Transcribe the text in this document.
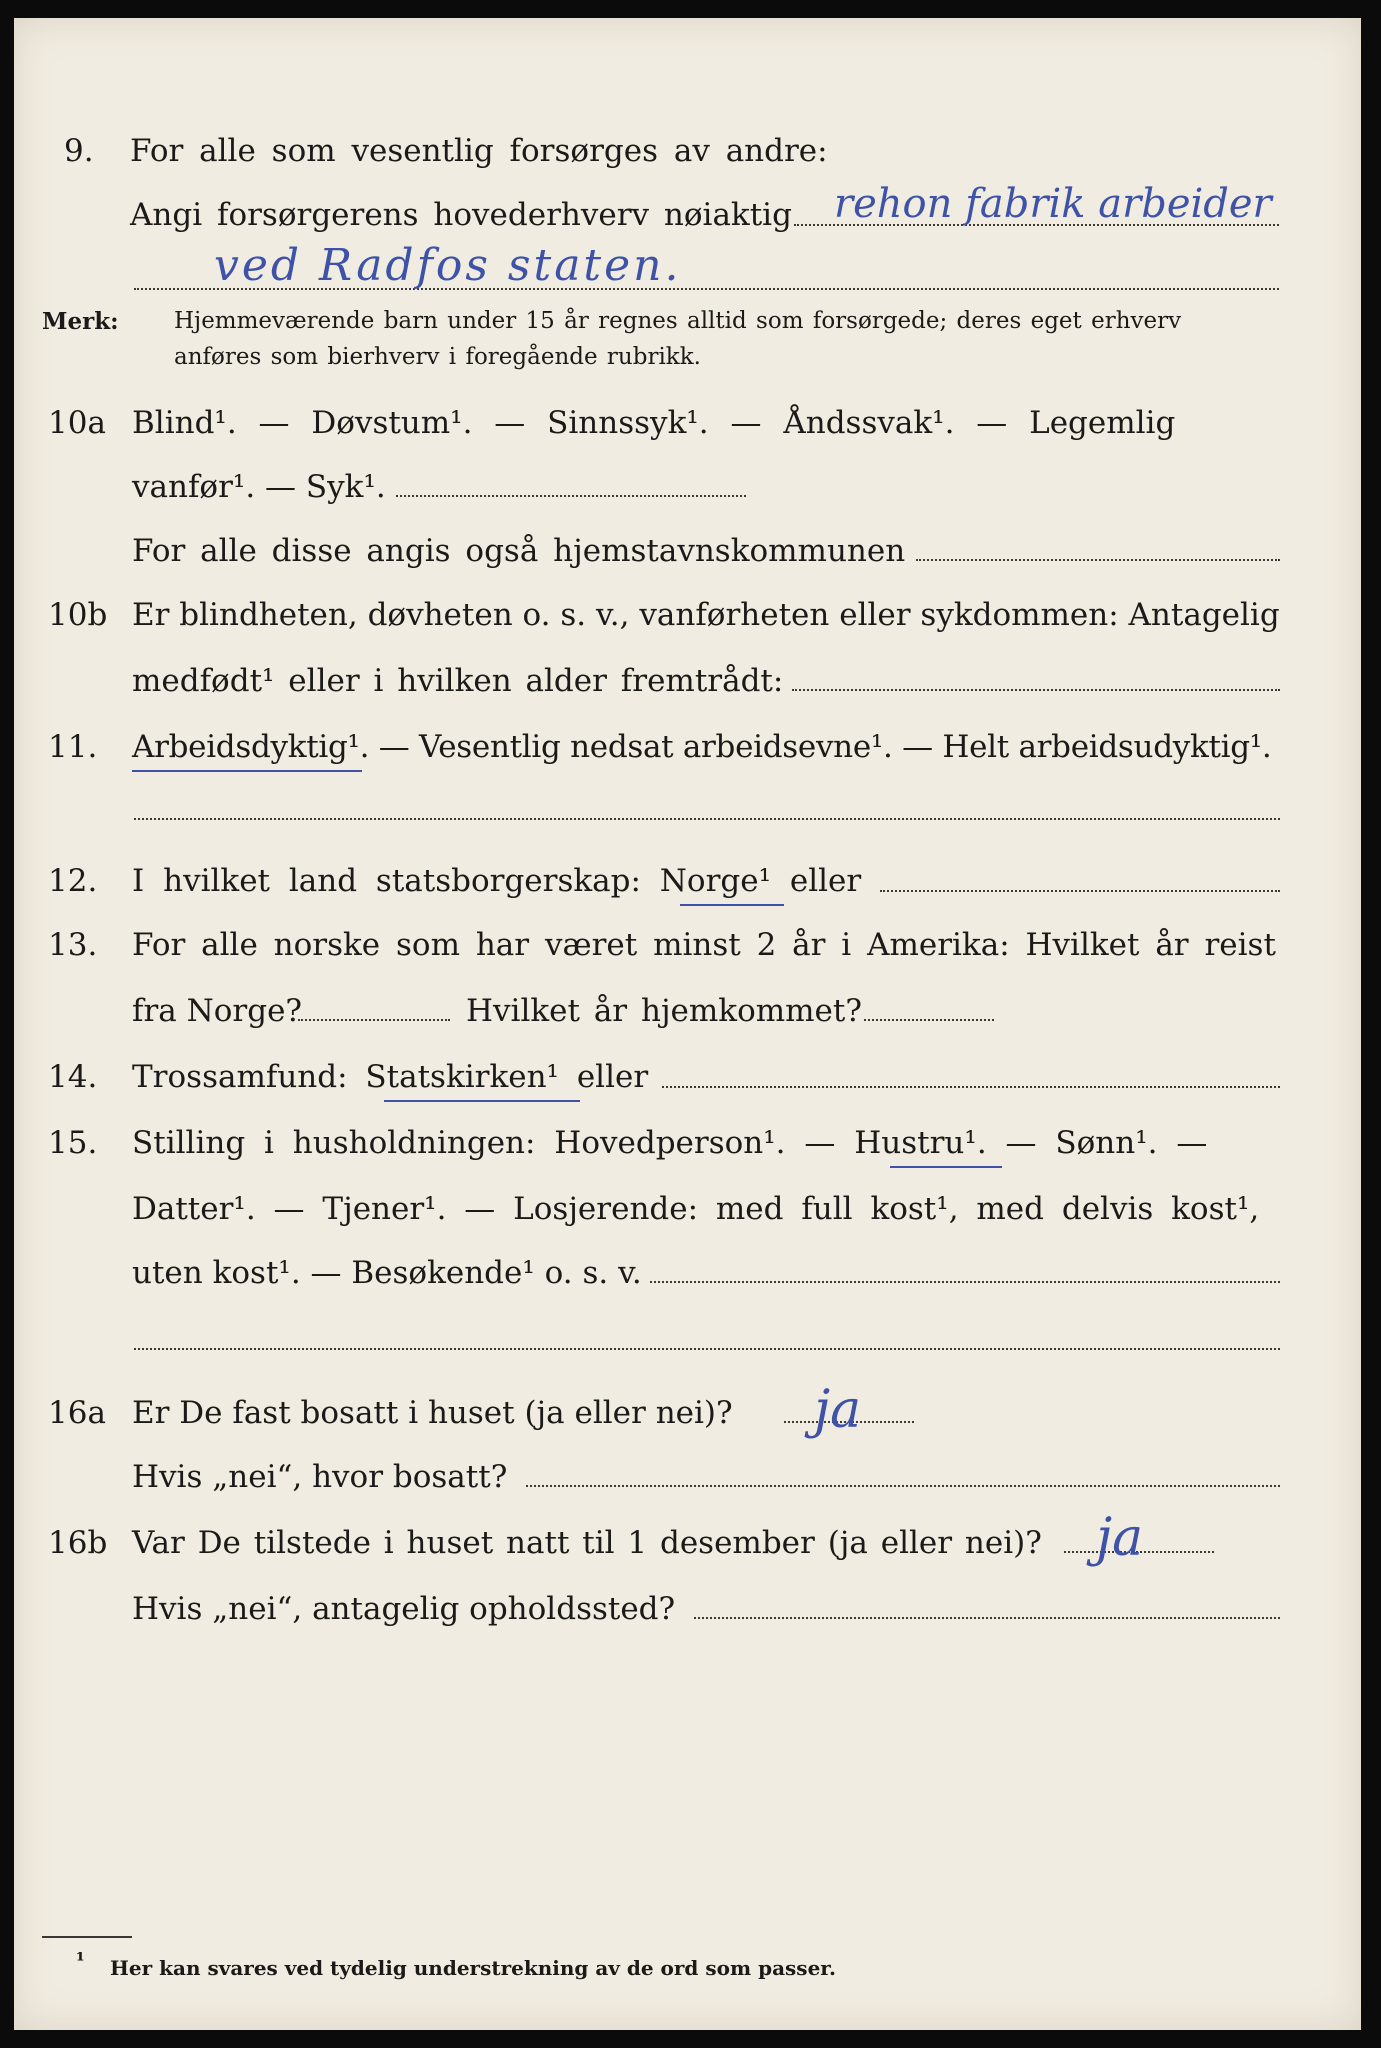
9. For alle som vesentlig forsørges av andre:
Angi forsørgerens hovederhverv nøiaktig rehon fabrik arbeider
ved Radfos staten.
Merk: Hjemmeværende barn under 15 år regnes alltid som forsørgede; deres eget erhverv
anføres som bierhverv i foregående rubrikk.
10a Blind¹. — Døvstum¹. — Sinnssyk¹. — Åndssvak¹. — Legemlig
vanfør¹. — Syk¹.
For alle disse angis også hjemstavnskommunen
10b Er blindheten, døvheten o. s. v., vanførheten eller sykdommen: Antagelig
medfødt¹ eller i hvilken alder fremtrådt:
11. Arbeidsdyktig¹. — Vesentlig nedsat arbeidsevne¹. — Helt arbeidsudyktig¹.
12. I hvilket land statsborgerskap: Norge¹ eller
13. For alle norske som har været minst 2 år i Amerika: Hvilket år reist
fra Norge?	Hvilket år hjemkommet?
14. Trossamfund: Statskirken¹ eller
15. Stilling i husholdningen: Hovedperson¹. — Hustru¹. — Sønn¹. —
Datter¹. — Tjener¹. — Losjerende: med full kost¹, med delvis kost¹,
uten kost¹. — Besøkende¹ o. s. v.
16a Er De fast bosatt i huset (ja eller nei)? ja
Hvis „nei“, hvor bosatt?
16b Var De tilstede i huset natt til 1 desember (ja eller nei)? ja
Hvis „nei“, antagelig opholdssted?
¹ Her kan svares ved tydelig understrekning av de ord som passer.
